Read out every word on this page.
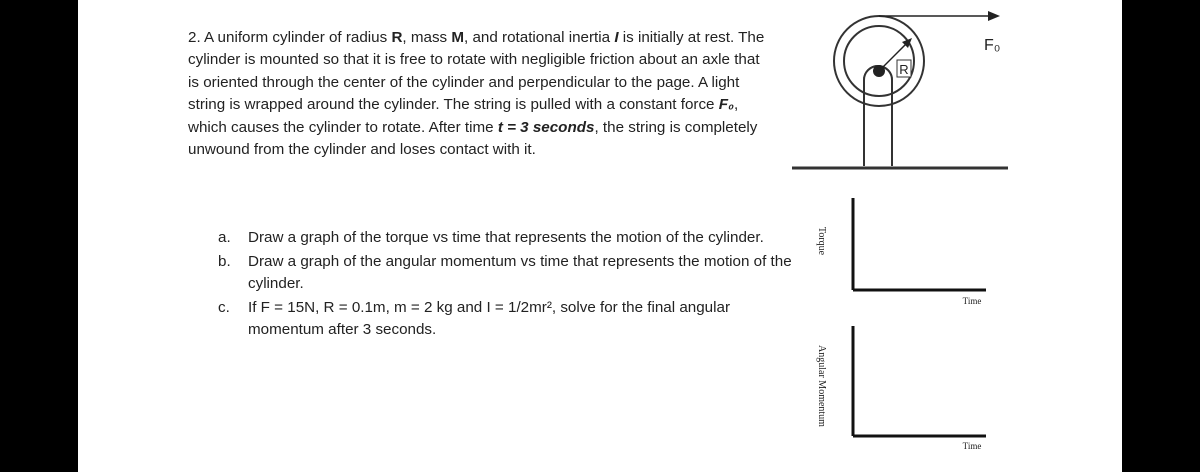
2. A uniform cylinder of radius R, mass M, and rotational inertia I is initially at rest. The cylinder is mounted so that it is free to rotate with negligible friction about an axle that is oriented through the center of the cylinder and perpendicular to the page. A light string is wrapped around the cylinder. The string is pulled with a constant force F₀, which causes the cylinder to rotate. After time t = 3 seconds, the string is completely unwound from the cylinder and loses contact with it.

a. Draw a graph of the torque vs time that represents the motion of the cylinder.
b. Draw a graph of the angular momentum vs time that represents the motion of the cylinder.
c. If F = 15N, R = 0.1m, m = 2 kg and I = 1/2mr², solve for the final angular momentum after 3 seconds.
R
F₀
Torque
Time
Angular Momentum
Time
